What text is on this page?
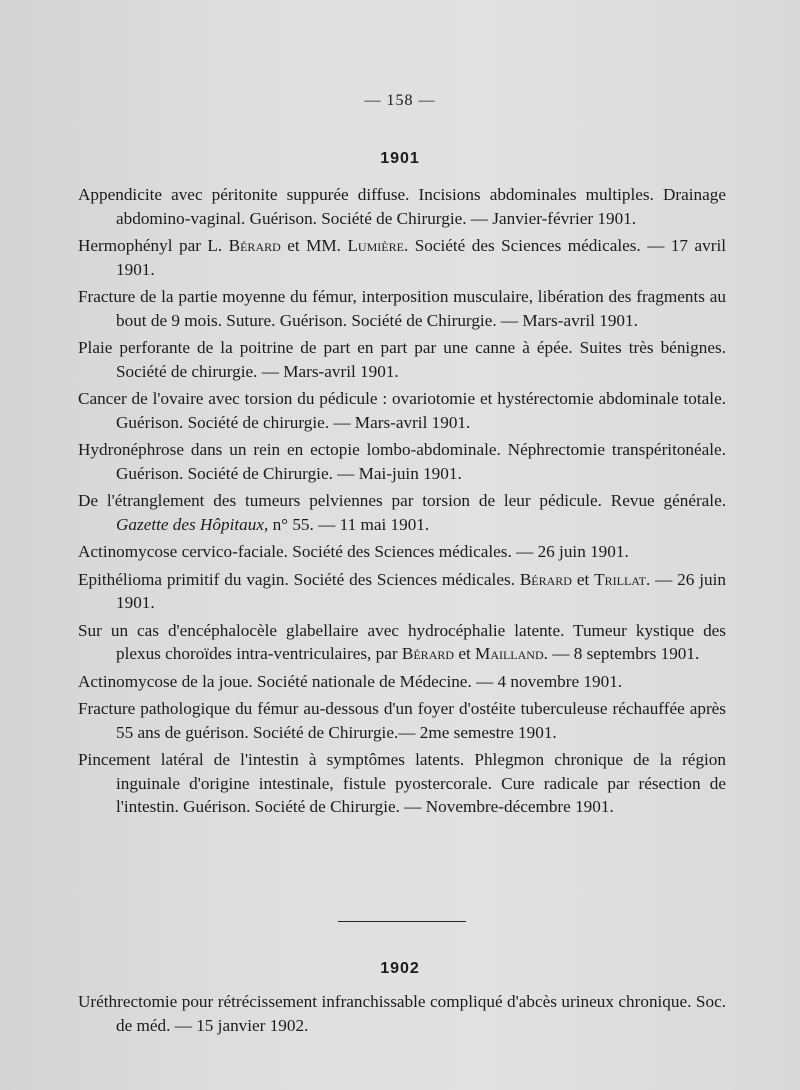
— 158 —
1901

Appendicite avec péritonite suppurée diffuse. Incisions abdominales multiples. Drainage abdomino-vaginal. Guérison. Société de Chirurgie. — Janvier-février 1901.

Hermophényl par L. Bérard et MM. Lumière. Société des Sciences médicales. — 17 avril 1901.

Fracture de la partie moyenne du fémur, interposition musculaire, libération des fragments au bout de 9 mois. Suture. Guérison. Société de Chirurgie. — Mars-avril 1901.

Plaie perforante de la poitrine de part en part par une canne à épée. Suites très bénignes. Société de chirurgie. — Mars-avril 1901.

Cancer de l'ovaire avec torsion du pédicule : ovariotomie et hystérectomie abdominale totale. Guérison. Société de chirurgie. — Mars-avril 1901.

Hydronéphrose dans un rein en ectopie lombo-abdominale. Néphrectomie transpéritonéale. Guérison. Société de Chirurgie. — Mai-juin 1901.

De l'étranglement des tumeurs pelviennes par torsion de leur pédicule. Revue générale. Gazette des Hôpitaux, n° 55. — 11 mai 1901.

Actinomycose cervico-faciale. Société des Sciences médicales. — 26 juin 1901.

Epithélioma primitif du vagin. Société des Sciences médicales. Bérard et Trillat. — 26 juin 1901.

Sur un cas d'encéphalocèle glabellaire avec hydrocéphalie latente. Tumeur kystique des plexus choroïdes intra-ventriculaires, par Bérard et Mailland. — 8 septembrs 1901.

Actinomycose de la joue. Société nationale de Médecine. — 4 novembre 1901.

Fracture pathologique du fémur au-dessous d'un foyer d'ostéite tuberculeuse réchauffée après 55 ans de guérison. Société de Chirurgie.— 2me semestre 1901.

Pincement latéral de l'intestin à symptômes latents. Phlegmon chronique de la région inguinale d'origine intestinale, fistule pyostercorale. Cure radicale par résection de l'intestin. Guérison. Société de Chirurgie. — Novembre-décembre 1901.

1902

Uréthrectomie pour rétrécissement infranchissable compliqué d'abcès urineux chronique. Soc. de méd. — 15 janvier 1902.
